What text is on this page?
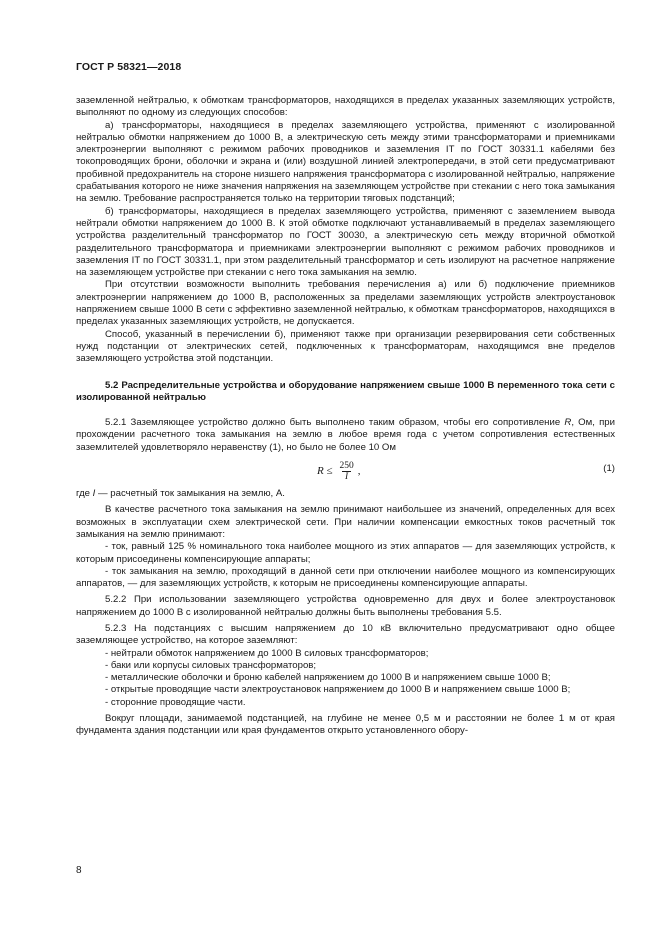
ГОСТ Р 58321—2018

заземленной нейтралью, к обмоткам трансформаторов, находящихся в пределах указанных заземляющих устройств, выполняют по одному из следующих способов:

а) трансформаторы, находящиеся в пределах заземляющего устройства, применяют с изолированной нейтралью обмотки напряжением до 1000 В, а электрическую сеть между этими трансформаторами и приемниками электроэнергии выполняют с режимом рабочих проводников и заземления IT по ГОСТ 30331.1 кабелями без токопроводящих брони, оболочки и экрана и (или) воздушной линией электропередачи, в этой сети предусматривают пробивной предохранитель на стороне низшего напряжения трансформатора с изолированной нейтралью, напряжение срабатывания которого не ниже значения напряжения на заземляющем устройстве при стекании с него тока замыкания на землю. Требование распространяется только на территории тяговых подстанций;

б) трансформаторы, находящиеся в пределах заземляющего устройства, применяют с заземлением вывода нейтрали обмотки напряжением до 1000 В. К этой обмотке подключают устанавливаемый в пределах заземляющего устройства разделительный трансформатор по ГОСТ 30030, а электрическую сеть между вторичной обмоткой разделительного трансформатора и приемниками электроэнергии выполняют с режимом рабочих проводников и заземления IT по ГОСТ 30331.1, при этом разделительный трансформатор и сеть изолируют на расчетное напряжение на заземляющем устройстве при стекании с него тока замыкания на землю.

При отсутствии возможности выполнить требования перечисления а) или б) подключение приемников электроэнергии напряжением до 1000 В, расположенных за пределами заземляющих устройств электроустановок напряжением свыше 1000 В сети с эффективно заземленной нейтралью, к обмоткам трансформаторов, находящихся в пределах указанных заземляющих устройств, не допускается.

Способ, указанный в перечислении б), применяют также при организации резервирования сети собственных нужд подстанции от электрических сетей, подключенных к трансформаторам, находящимся вне пределов заземляющего устройства этой подстанции.

5.2 Распределительные устройства и оборудование напряжением свыше 1000 В переменного тока сети с изолированной нейтралью

5.2.1 Заземляющее устройство должно быть выполнено таким образом, чтобы его сопротивление R, Ом, при прохождении расчетного тока замыкания на землю в любое время года с учетом сопротивления естественных заземлителей удовлетворяло неравенству (1), но было не более 10 Ом

$R \le \frac{250}{I}$ ,	(1)

где I — расчетный ток замыкания на землю, А.

В качестве расчетного тока замыкания на землю принимают наибольшее из значений, определенных для всех возможных в эксплуатации схем электрической сети. При наличии компенсации емкостных токов расчетный ток замыкания на землю принимают:

- ток, равный 125 % номинального тока наиболее мощного из этих аппаратов — для заземляющих устройств, к которым присоединены компенсирующие аппараты;

- ток замыкания на землю, проходящий в данной сети при отключении наиболее мощного из компенсирующих аппаратов, — для заземляющих устройств, к которым не присоединены компенсирующие аппараты.

5.2.2 При использовании заземляющего устройства одновременно для двух и более электроустановок напряжением до 1000 В с изолированной нейтралью должны быть выполнены требования 5.5.

5.2.3 На подстанциях с высшим напряжением до 10 кВ включительно предусматривают одно общее заземляющее устройство, на которое заземляют:

- нейтрали обмоток напряжением до 1000 В силовых трансформаторов;

- баки или корпусы силовых трансформаторов;

- металлические оболочки и броню кабелей напряжением до 1000 В и напряжением свыше 1000 В;

- открытые проводящие части электроустановок напряжением до 1000 В и напряжением свыше 1000 В;

- сторонние проводящие части.

Вокруг площади, занимаемой подстанцией, на глубине не менее 0,5 м и расстоянии не более 1 м от края фундамента здания подстанции или края фундаментов открыто установленного обору-

8
